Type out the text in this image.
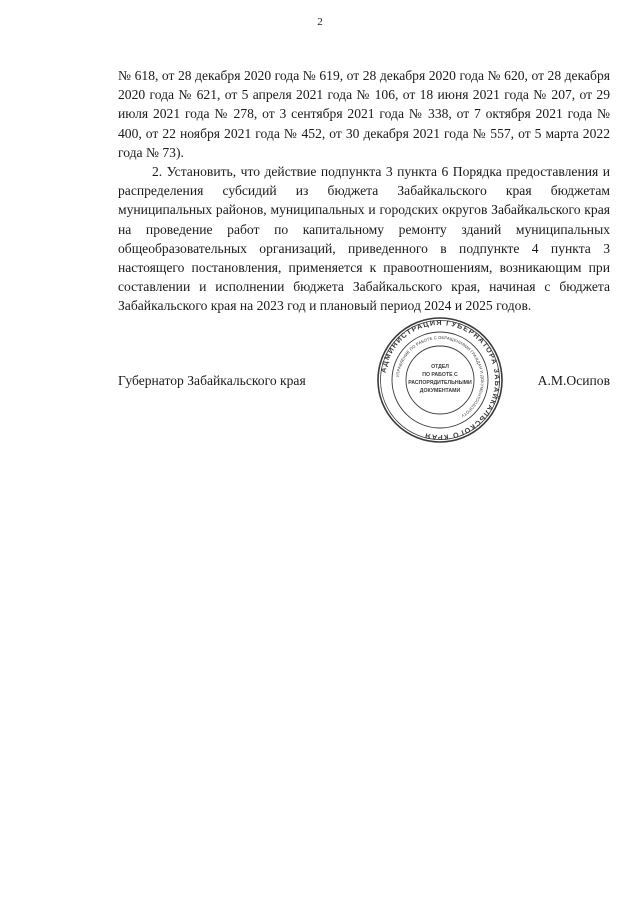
2

№ 618, от 28 декабря 2020 года № 619, от 28 декабря 2020 года № 620, от 28 декабря 2020 года № 621, от 5 апреля 2021 года № 106, от 18 июня 2021 года № 207, от 29 июля 2021 года № 278, от 3 сентября 2021 года № 338, от 7 октября 2021 года № 400, от 22 ноября 2021 года № 452, от 30 декабря 2021 года № 557, от 5 марта 2022 года № 73).

2. Установить, что действие подпункта 3 пункта 6 Порядка предоставления и распределения субсидий из бюджета Забайкальского края бюджетам муниципальных районов, муниципальных и городских округов Забайкальского края на проведение работ по капитальному ремонту зданий муниципальных общеобразовательных организаций, приведенного в подпункте 4 пункта 3 настоящего постановления, применяется к правоотношениям, возникающим при составлении и исполнении бюджета Забайкальского края, начиная с бюджета Забайкальского края на 2023 год и плановый период 2024 и 2025 годов.

Губернатор Забайкальского края	А.М.Осипов
АДМИНИСТРАЦИЯ ГУБЕРНАТОРА ЗАБАЙКАЛЬСКОГО КРАЯ
УПРАВЛЕНИЕ ПО РАБОТЕ С ОБРАЩЕНИЯМИ ГРАЖДАН И ДОКУМЕНТООБОРОТУ
ОТДЕЛ
ПО РАБОТЕ С
РАСПОРЯДИТЕЛЬНЫМИ
ДОКУМЕНТАМИ
